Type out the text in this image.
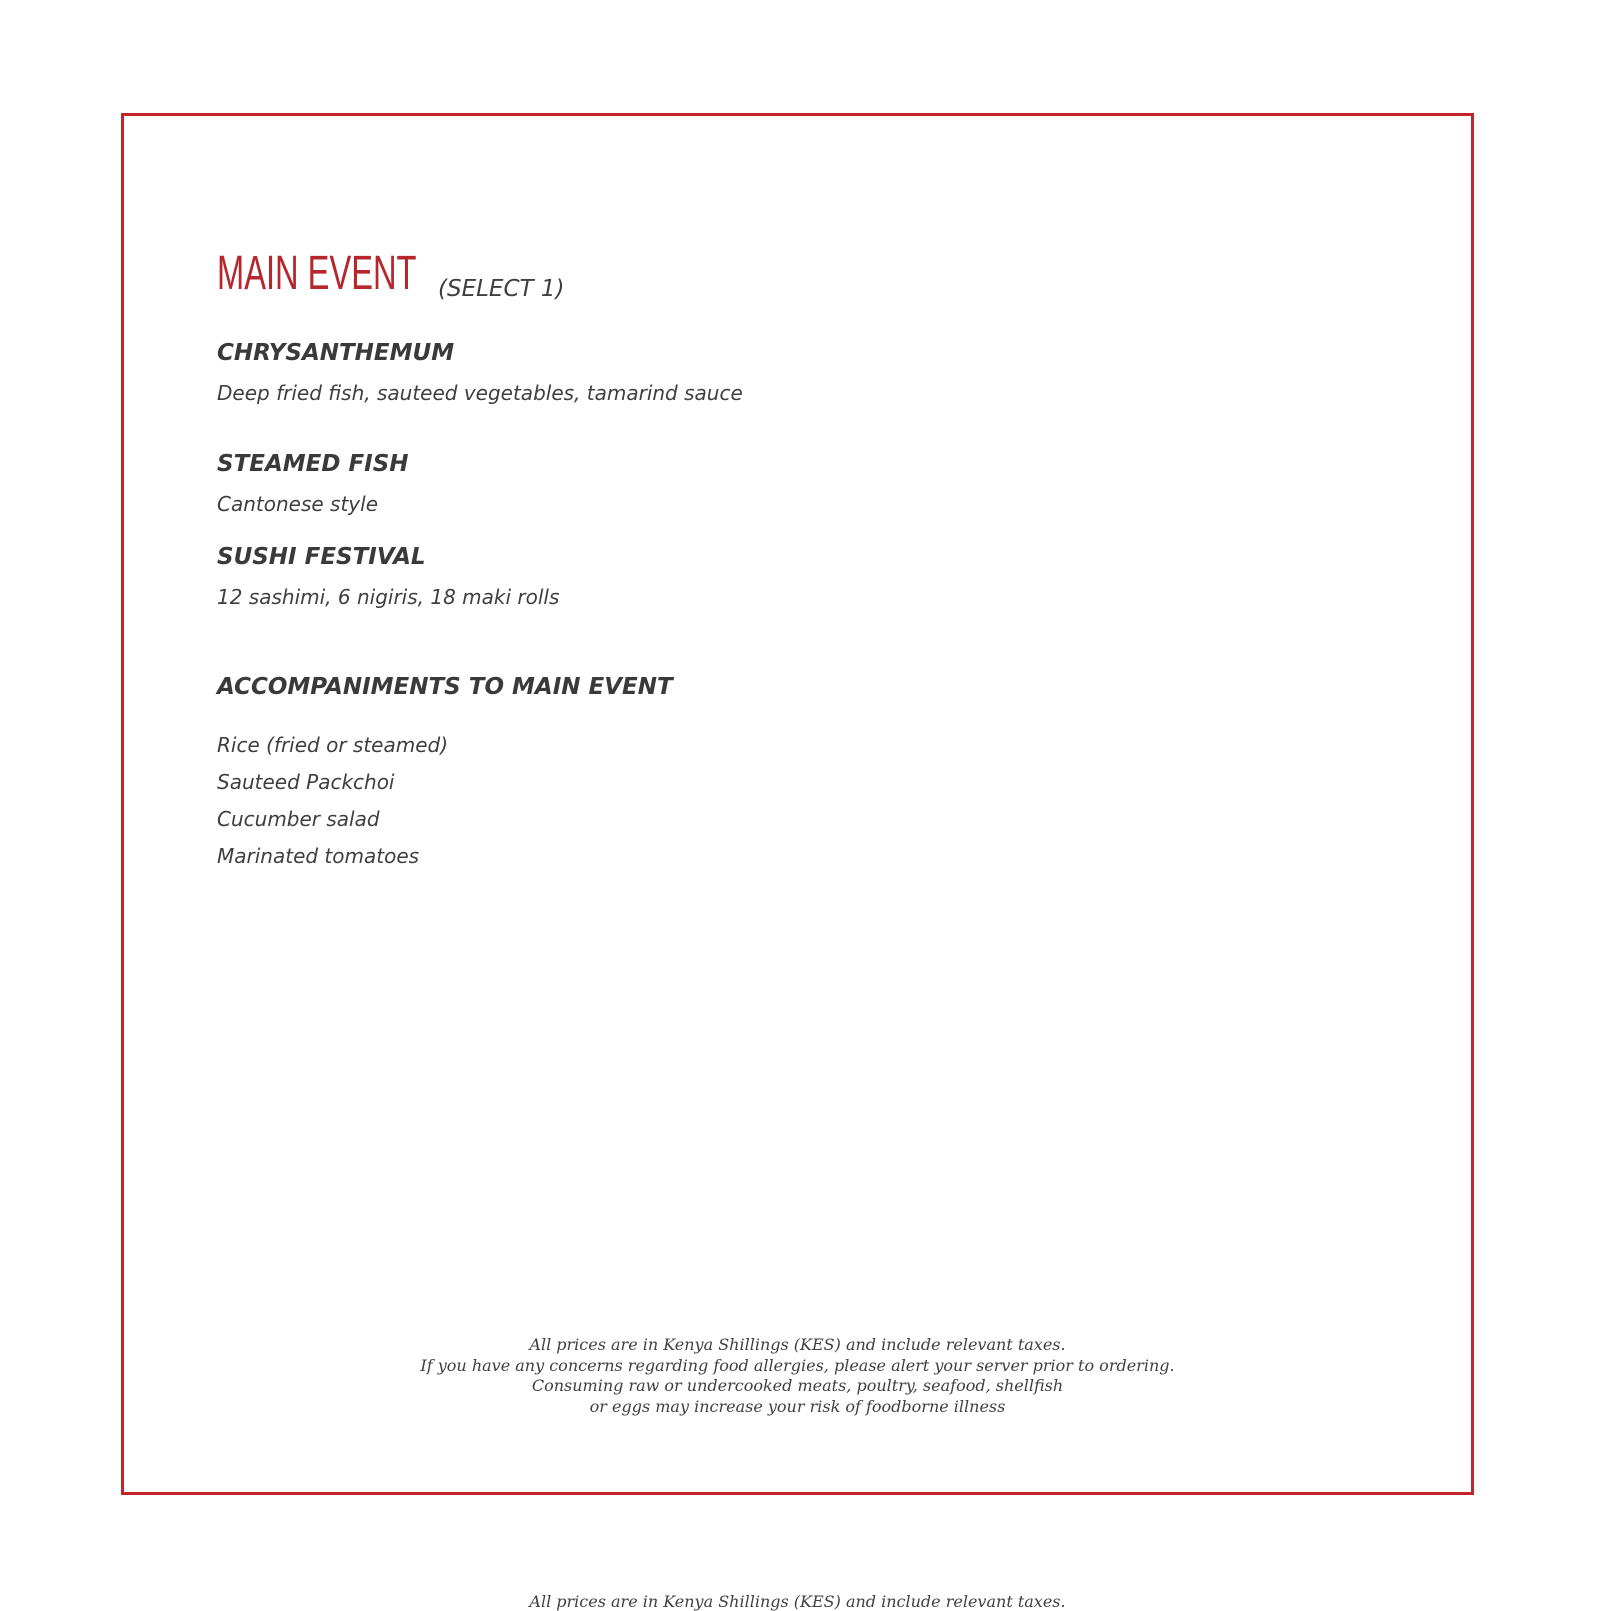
MAIN EVENT (SELECT 1)
CHRYSANTHEMUM
Deep fried fish, sauteed vegetables, tamarind sauce
STEAMED FISH
Cantonese style
SUSHI FESTIVAL
12 sashimi, 6 nigiris, 18 maki rolls
ACCOMPANIMENTS TO MAIN EVENT
Rice (fried or steamed)
Sauteed Packchoi
Cucumber salad
Marinated tomatoes
All prices are in Kenya Shillings (KES) and include relevant taxes.
If you have any concerns regarding food allergies, please alert your server prior to ordering.
Consuming raw or undercooked meats, poultry, seafood, shellfish
or eggs may increase your risk of foodborne illness
All prices are in Kenya Shillings (KES) and include relevant taxes.
